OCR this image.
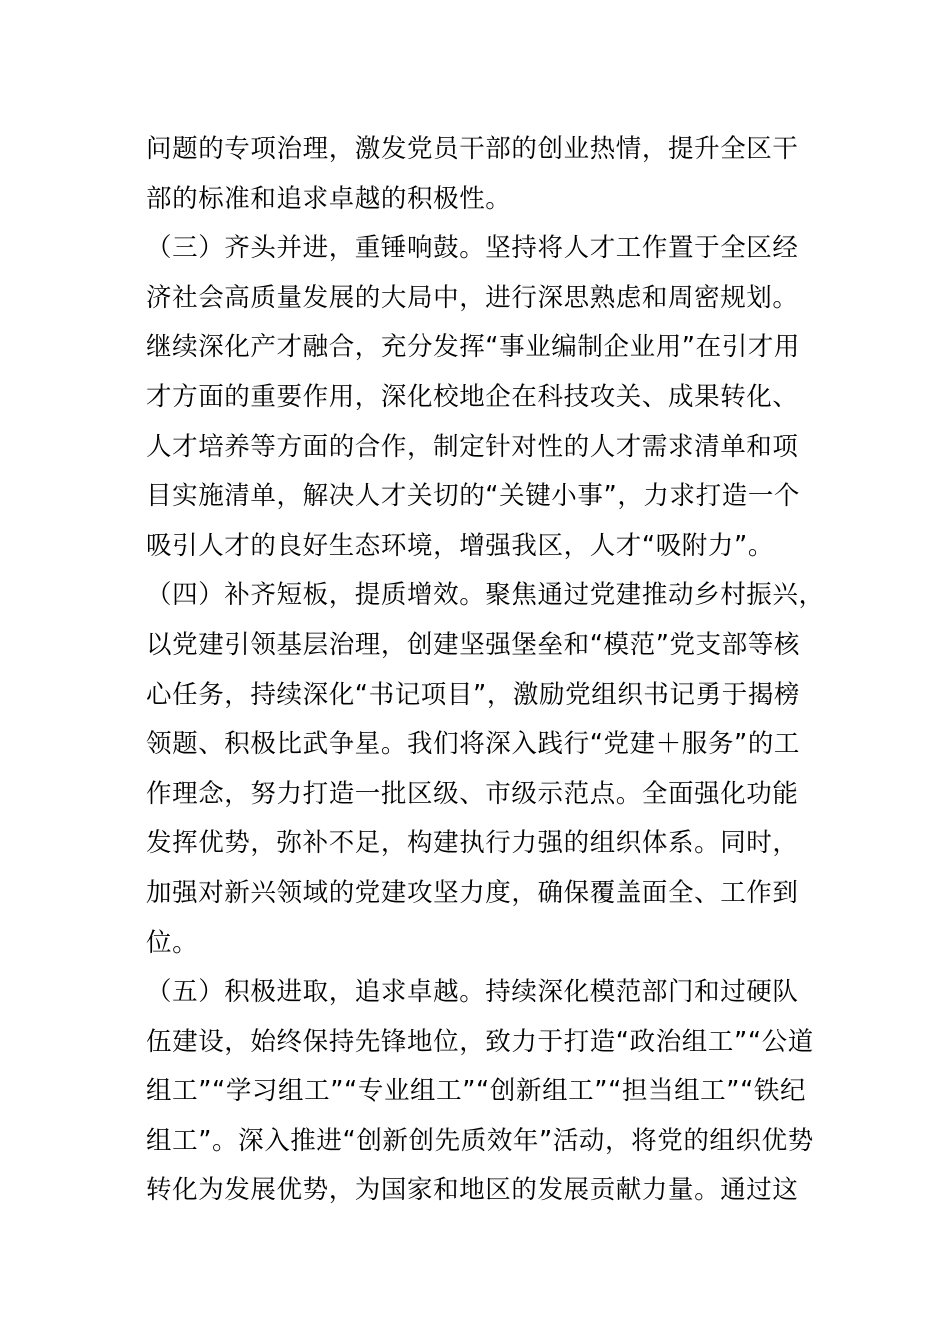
问题的专项治理，激发党员干部的创业热情，提升全区干
部的标准和追求卓越的积极性。
（三）齐头并进，重锤响鼓。坚持将人才工作置于全区经
济社会高质量发展的大局中，进行深思熟虑和周密规划。
继续深化产才融合，充分发挥“事业编制企业用”在引才用
才方面的重要作用，深化校地企在科技攻关、成果转化、
人才培养等方面的合作，制定针对性的人才需求清单和项
目实施清单，解决人才关切的“关键小事”，力求打造一个
吸引人才的良好生态环境，增强我区，人才“吸附力”。
（四）补齐短板，提质增效。聚焦通过党建推动乡村振兴，
以党建引领基层治理，创建坚强堡垒和“模范”党支部等核
心任务，持续深化“书记项目”，激励党组织书记勇于揭榜
领题、积极比武争星。我们将深入践行“党建＋服务”的工
作理念，努力打造一批区级、市级示范点。全面强化功能
发挥优势，弥补不足，构建执行力强的组织体系。同时，
加强对新兴领域的党建攻坚力度，确保覆盖面全、工作到
位。
（五）积极进取，追求卓越。持续深化模范部门和过硬队
伍建设，始终保持先锋地位，致力于打造“政治组工”“公道
组工”“学习组工”“专业组工”“创新组工”“担当组工”“铁纪
组工”。深入推进“创新创先质效年”活动，将党的组织优势
转化为发展优势，为国家和地区的发展贡献力量。通过这
